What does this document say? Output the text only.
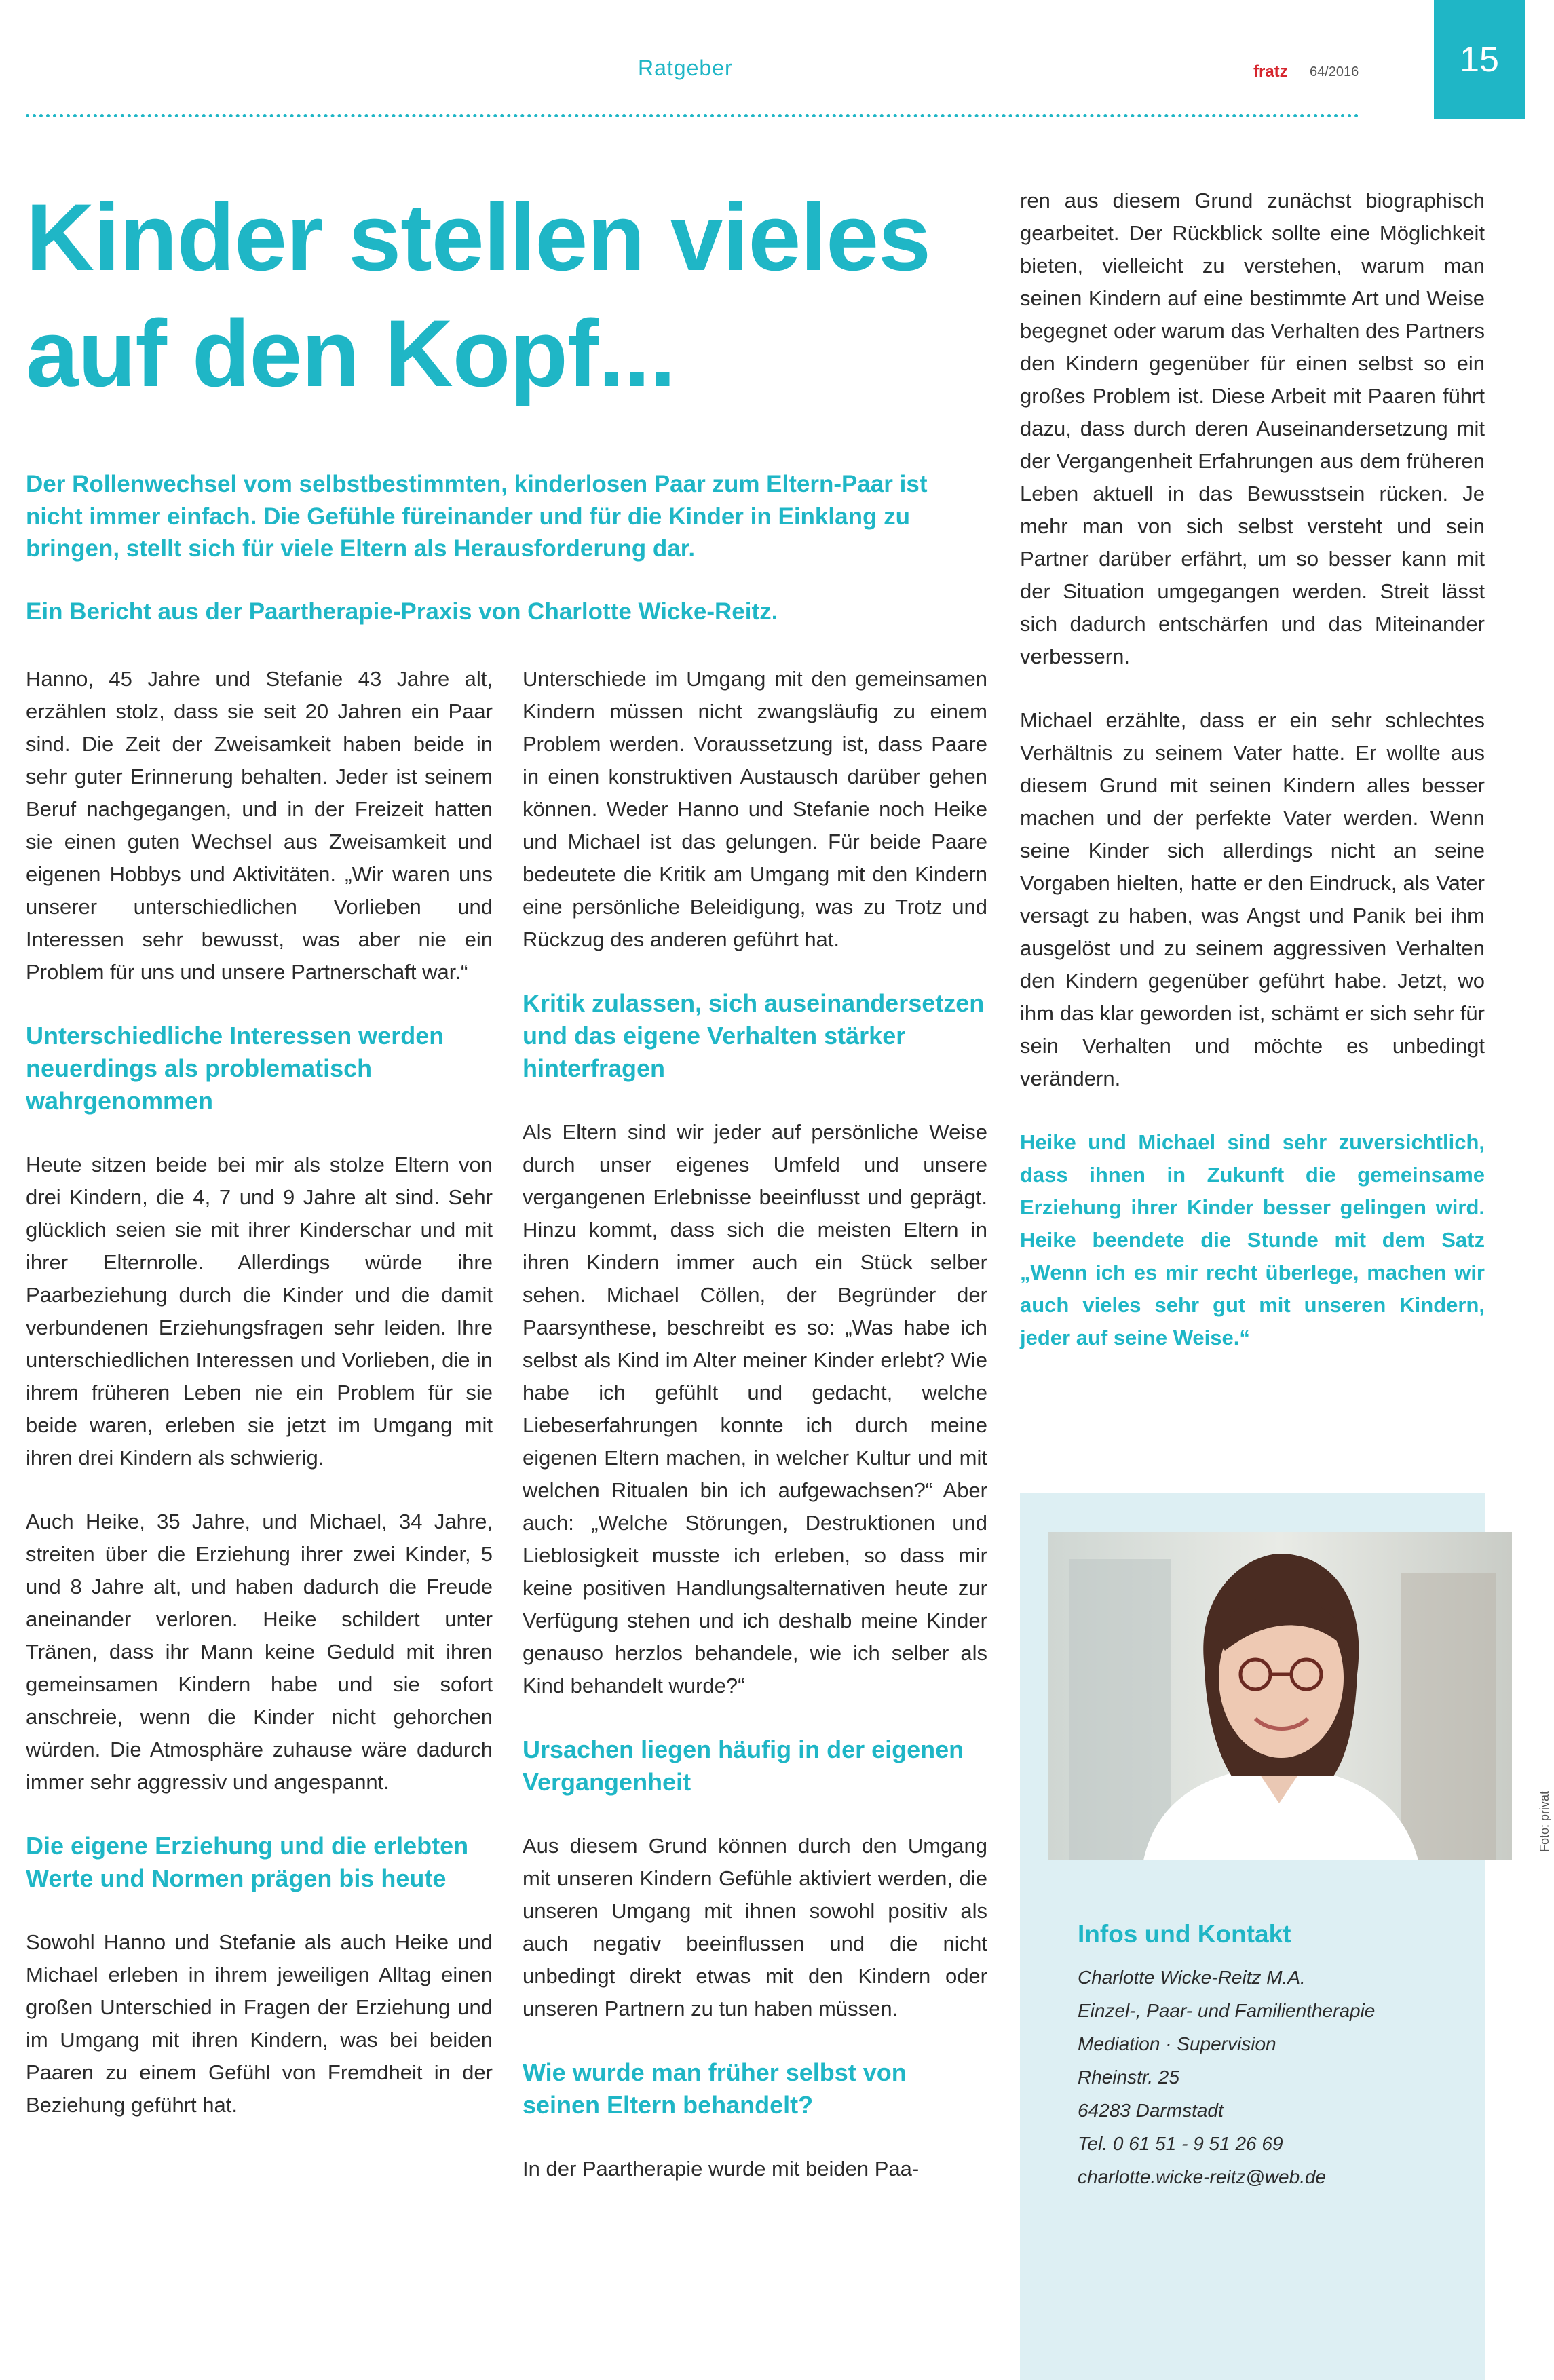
Ratgeber	fratz 64/2016	15
Kinder stellen vieles auf den Kopf...

Der Rollenwechsel vom selbstbestimmten, kinderlosen Paar zum Eltern-Paar ist nicht immer einfach. Die Gefühle füreinander und für die Kinder in Einklang zu bringen, stellt sich für viele Eltern als Herausforderung dar.

Ein Bericht aus der Paartherapie-Praxis von Charlotte Wicke-Reitz.

Hanno, 45 Jahre und Stefanie 43 Jahre alt, erzählen stolz, dass sie seit 20 Jahren ein Paar sind. Die Zeit der Zweisamkeit haben beide in sehr guter Erinnerung behalten. Jeder ist seinem Beruf nachgegangen, und in der Freizeit hatten sie einen guten Wechsel aus Zweisamkeit und eigenen Hobbys und Aktivitäten. „Wir waren uns unserer unterschiedlichen Vorlieben und Interessen sehr bewusst, was aber nie ein Problem für uns und unsere Partnerschaft war.“

Unterschiedliche Interessen werden neuerdings als problematisch wahrgenommen

Heute sitzen beide bei mir als stolze Eltern von drei Kindern, die 4, 7 und 9 Jahre alt sind. Sehr glücklich seien sie mit ihrer Kinderschar und mit ihrer Elternrolle. Allerdings würde ihre Paarbeziehung durch die Kinder und die damit verbundenen Erziehungsfragen sehr leiden. Ihre unterschiedlichen Interessen und Vorlieben, die in ihrem früheren Leben nie ein Problem für sie beide waren, erleben sie jetzt im Umgang mit ihren drei Kindern als schwierig.

Auch Heike, 35 Jahre, und Michael, 34 Jahre, streiten über die Erziehung ihrer zwei Kinder, 5 und 8 Jahre alt, und haben dadurch die Freude aneinander verloren. Heike schildert unter Tränen, dass ihr Mann keine Geduld mit ihren gemeinsamen Kindern habe und sie sofort anschreie, wenn die Kinder nicht gehorchen würden. Die Atmosphäre zuhause wäre dadurch immer sehr aggressiv und angespannt.

Die eigene Erziehung und die erlebten Werte und Normen prägen bis heute

Sowohl Hanno und Stefanie als auch Heike und Michael erleben in ihrem jeweiligen Alltag einen großen Unterschied in Fragen der Erziehung und im Umgang mit ihren Kindern, was bei beiden Paaren zu einem Gefühl von Fremdheit in der Beziehung geführt hat.

Unterschiede im Umgang mit den gemeinsamen Kindern müssen nicht zwangsläufig zu einem Problem werden. Voraussetzung ist, dass Paare in einen konstruktiven Austausch darüber gehen können. Weder Hanno und Stefanie noch Heike und Michael ist das gelungen. Für beide Paare bedeutete die Kritik am Umgang mit den Kindern eine persönliche Beleidigung, was zu Trotz und Rückzug des anderen geführt hat.

Kritik zulassen, sich auseinandersetzen und das eigene Verhalten stärker hinterfragen

Als Eltern sind wir jeder auf persönliche Weise durch unser eigenes Umfeld und unsere vergangenen Erlebnisse beeinflusst und geprägt. Hinzu kommt, dass sich die meisten Eltern in ihren Kindern immer auch ein Stück selber sehen. Michael Cöllen, der Begründer der Paarsynthese, beschreibt es so: „Was habe ich selbst als Kind im Alter meiner Kinder erlebt? Wie habe ich gefühlt und gedacht, welche Liebeserfahrungen konnte ich durch meine eigenen Eltern machen, in welcher Kultur und mit welchen Ritualen bin ich aufgewachsen?“ Aber auch: „Welche Störungen, Destruktionen und Lieblosigkeit musste ich erleben, so dass mir keine positiven Handlungsalternativen heute zur Verfügung stehen und ich deshalb meine Kinder genauso herzlos behandele, wie ich selber als Kind behandelt wurde?“

Ursachen liegen häufig in der eigenen Vergangenheit

Aus diesem Grund können durch den Umgang mit unseren Kindern Gefühle aktiviert werden, die unseren Umgang mit ihnen sowohl positiv als auch negativ beeinflussen und die nicht unbedingt direkt etwas mit den Kindern oder unseren Partnern zu tun haben müssen.

Wie wurde man früher selbst von seinen Eltern behandelt?

In der Paartherapie wurde mit beiden Paa-

ren aus diesem Grund zunächst biographisch gearbeitet. Der Rückblick sollte eine Möglichkeit bieten, vielleicht zu verstehen, warum man seinen Kindern auf eine bestimmte Art und Weise begegnet oder warum das Verhalten des Partners den Kindern gegenüber für einen selbst so ein großes Problem ist. Diese Arbeit mit Paaren führt dazu, dass durch deren Auseinandersetzung mit der Vergangenheit Erfahrungen aus dem früheren Leben aktuell in das Bewusstsein rücken. Je mehr man von sich selbst versteht und sein Partner darüber erfährt, um so besser kann mit der Situation umgegangen werden. Streit lässt sich dadurch entschärfen und das Miteinander verbessern.

Michael erzählte, dass er ein sehr schlechtes Verhältnis zu seinem Vater hatte. Er wollte aus diesem Grund mit seinen Kindern alles besser machen und der perfekte Vater werden. Wenn seine Kinder sich allerdings nicht an seine Vorgaben hielten, hatte er den Eindruck, als Vater versagt zu haben, was Angst und Panik bei ihm ausgelöst und zu seinem aggressiven Verhalten den Kindern gegenüber geführt habe. Jetzt, wo ihm das klar geworden ist, schämt er sich sehr für sein Verhalten und möchte es unbedingt verändern.

Heike und Michael sind sehr zuversichtlich, dass ihnen in Zukunft die gemeinsame Erziehung ihrer Kinder besser gelingen wird. Heike beendete die Stunde mit dem Satz „Wenn ich es mir recht überlege, machen wir auch vieles sehr gut mit unseren Kindern, jeder auf seine Weise.“

Foto: privat
Infos und Kontakt
Charlotte Wicke-Reitz M.A.
Einzel-, Paar- und Familientherapie
Mediation · Supervision
Rheinstr. 25
64283 Darmstadt
Tel. 0 61 51 - 9 51 26 69
charlotte.wicke-reitz@web.de
